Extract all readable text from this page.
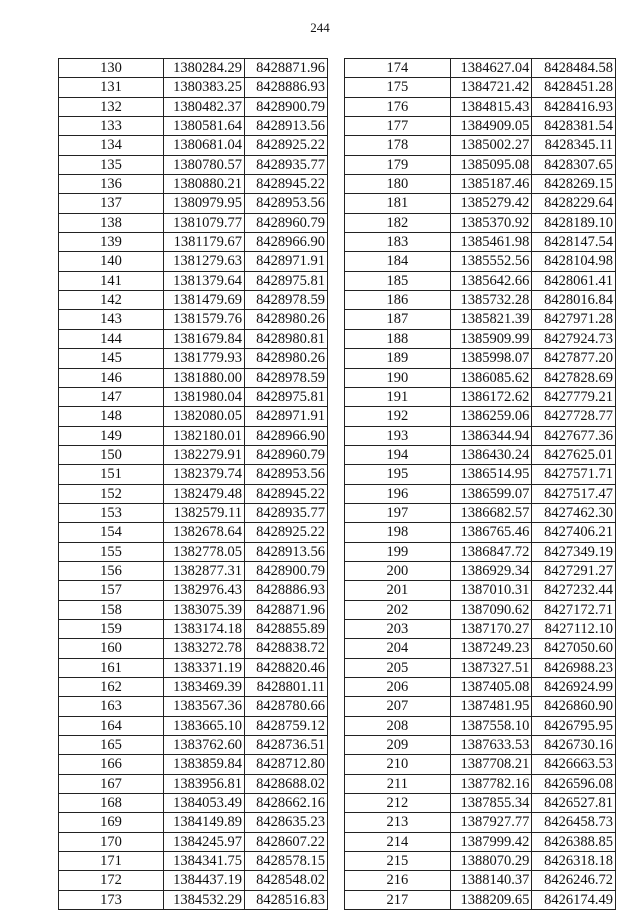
244
130	1380284.29	8428871.96
131	1380383.25	8428886.93
132	1380482.37	8428900.79
133	1380581.64	8428913.56
134	1380681.04	8428925.22
135	1380780.57	8428935.77
136	1380880.21	8428945.22
137	1380979.95	8428953.56
138	1381079.77	8428960.79
139	1381179.67	8428966.90
140	1381279.63	8428971.91
141	1381379.64	8428975.81
142	1381479.69	8428978.59
143	1381579.76	8428980.26
144	1381679.84	8428980.81
145	1381779.93	8428980.26
146	1381880.00	8428978.59
147	1381980.04	8428975.81
148	1382080.05	8428971.91
149	1382180.01	8428966.90
150	1382279.91	8428960.79
151	1382379.74	8428953.56
152	1382479.48	8428945.22
153	1382579.11	8428935.77
154	1382678.64	8428925.22
155	1382778.05	8428913.56
156	1382877.31	8428900.79
157	1382976.43	8428886.93
158	1383075.39	8428871.96
159	1383174.18	8428855.89
160	1383272.78	8428838.72
161	1383371.19	8428820.46
162	1383469.39	8428801.11
163	1383567.36	8428780.66
164	1383665.10	8428759.12
165	1383762.60	8428736.51
166	1383859.84	8428712.80
167	1383956.81	8428688.02
168	1384053.49	8428662.16
169	1384149.89	8428635.23
170	1384245.97	8428607.22
171	1384341.75	8428578.15
172	1384437.19	8428548.02
173	1384532.29	8428516.83
174	1384627.04	8428484.58
175	1384721.42	8428451.28
176	1384815.43	8428416.93
177	1384909.05	8428381.54
178	1385002.27	8428345.11
179	1385095.08	8428307.65
180	1385187.46	8428269.15
181	1385279.42	8428229.64
182	1385370.92	8428189.10
183	1385461.98	8428147.54
184	1385552.56	8428104.98
185	1385642.66	8428061.41
186	1385732.28	8428016.84
187	1385821.39	8427971.28
188	1385909.99	8427924.73
189	1385998.07	8427877.20
190	1386085.62	8427828.69
191	1386172.62	8427779.21
192	1386259.06	8427728.77
193	1386344.94	8427677.36
194	1386430.24	8427625.01
195	1386514.95	8427571.71
196	1386599.07	8427517.47
197	1386682.57	8427462.30
198	1386765.46	8427406.21
199	1386847.72	8427349.19
200	1386929.34	8427291.27
201	1387010.31	8427232.44
202	1387090.62	8427172.71
203	1387170.27	8427112.10
204	1387249.23	8427050.60
205	1387327.51	8426988.23
206	1387405.08	8426924.99
207	1387481.95	8426860.90
208	1387558.10	8426795.95
209	1387633.53	8426730.16
210	1387708.21	8426663.53
211	1387782.16	8426596.08
212	1387855.34	8426527.81
213	1387927.77	8426458.73
214	1387999.42	8426388.85
215	1388070.29	8426318.18
216	1388140.37	8426246.72
217	1388209.65	8426174.49
